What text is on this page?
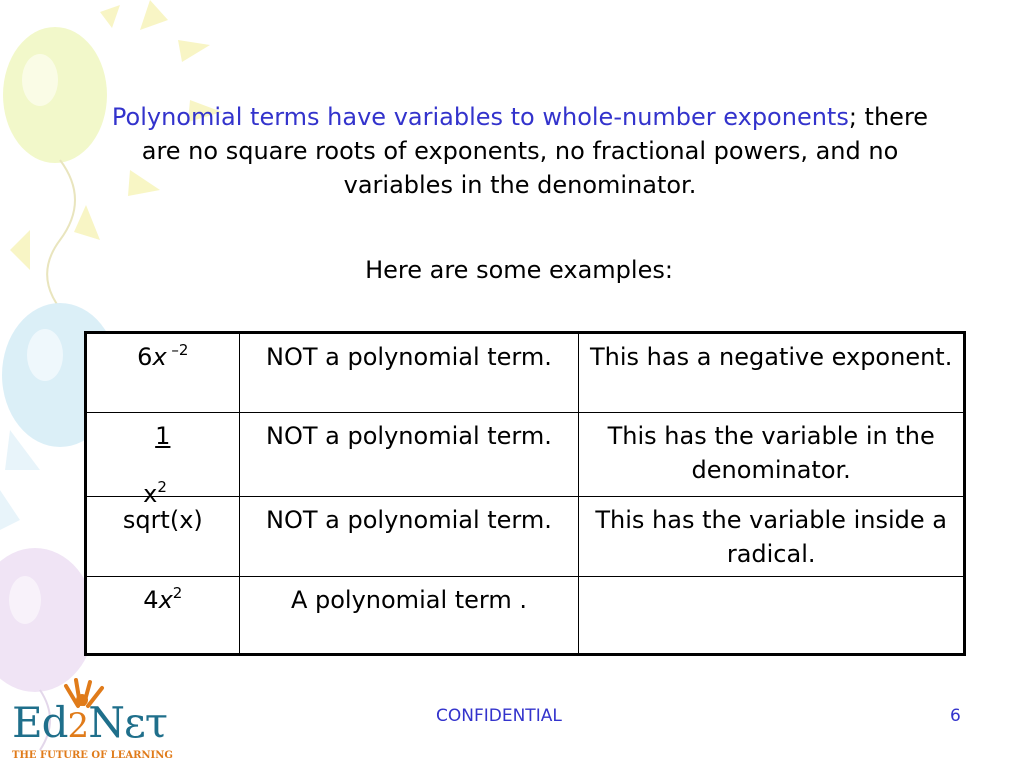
Polynomial terms have variables to whole-number exponents; there are no square roots of exponents, no fractional powers, and no variables in the denominator.
Here are some examples:
6x $^{-2}$	NOT a polynomial term.	This has a negative exponent.
$\frac{1}{x^2}$	NOT a polynomial term.	This has the variable in the denominator.
sqrt(x)	NOT a polynomial term.	This has the variable inside a radical.
$4x^2$	A polynomial term .	
Ed2Nετ
THE FUTURE OF LEARNING
CONFIDENTIAL	6
